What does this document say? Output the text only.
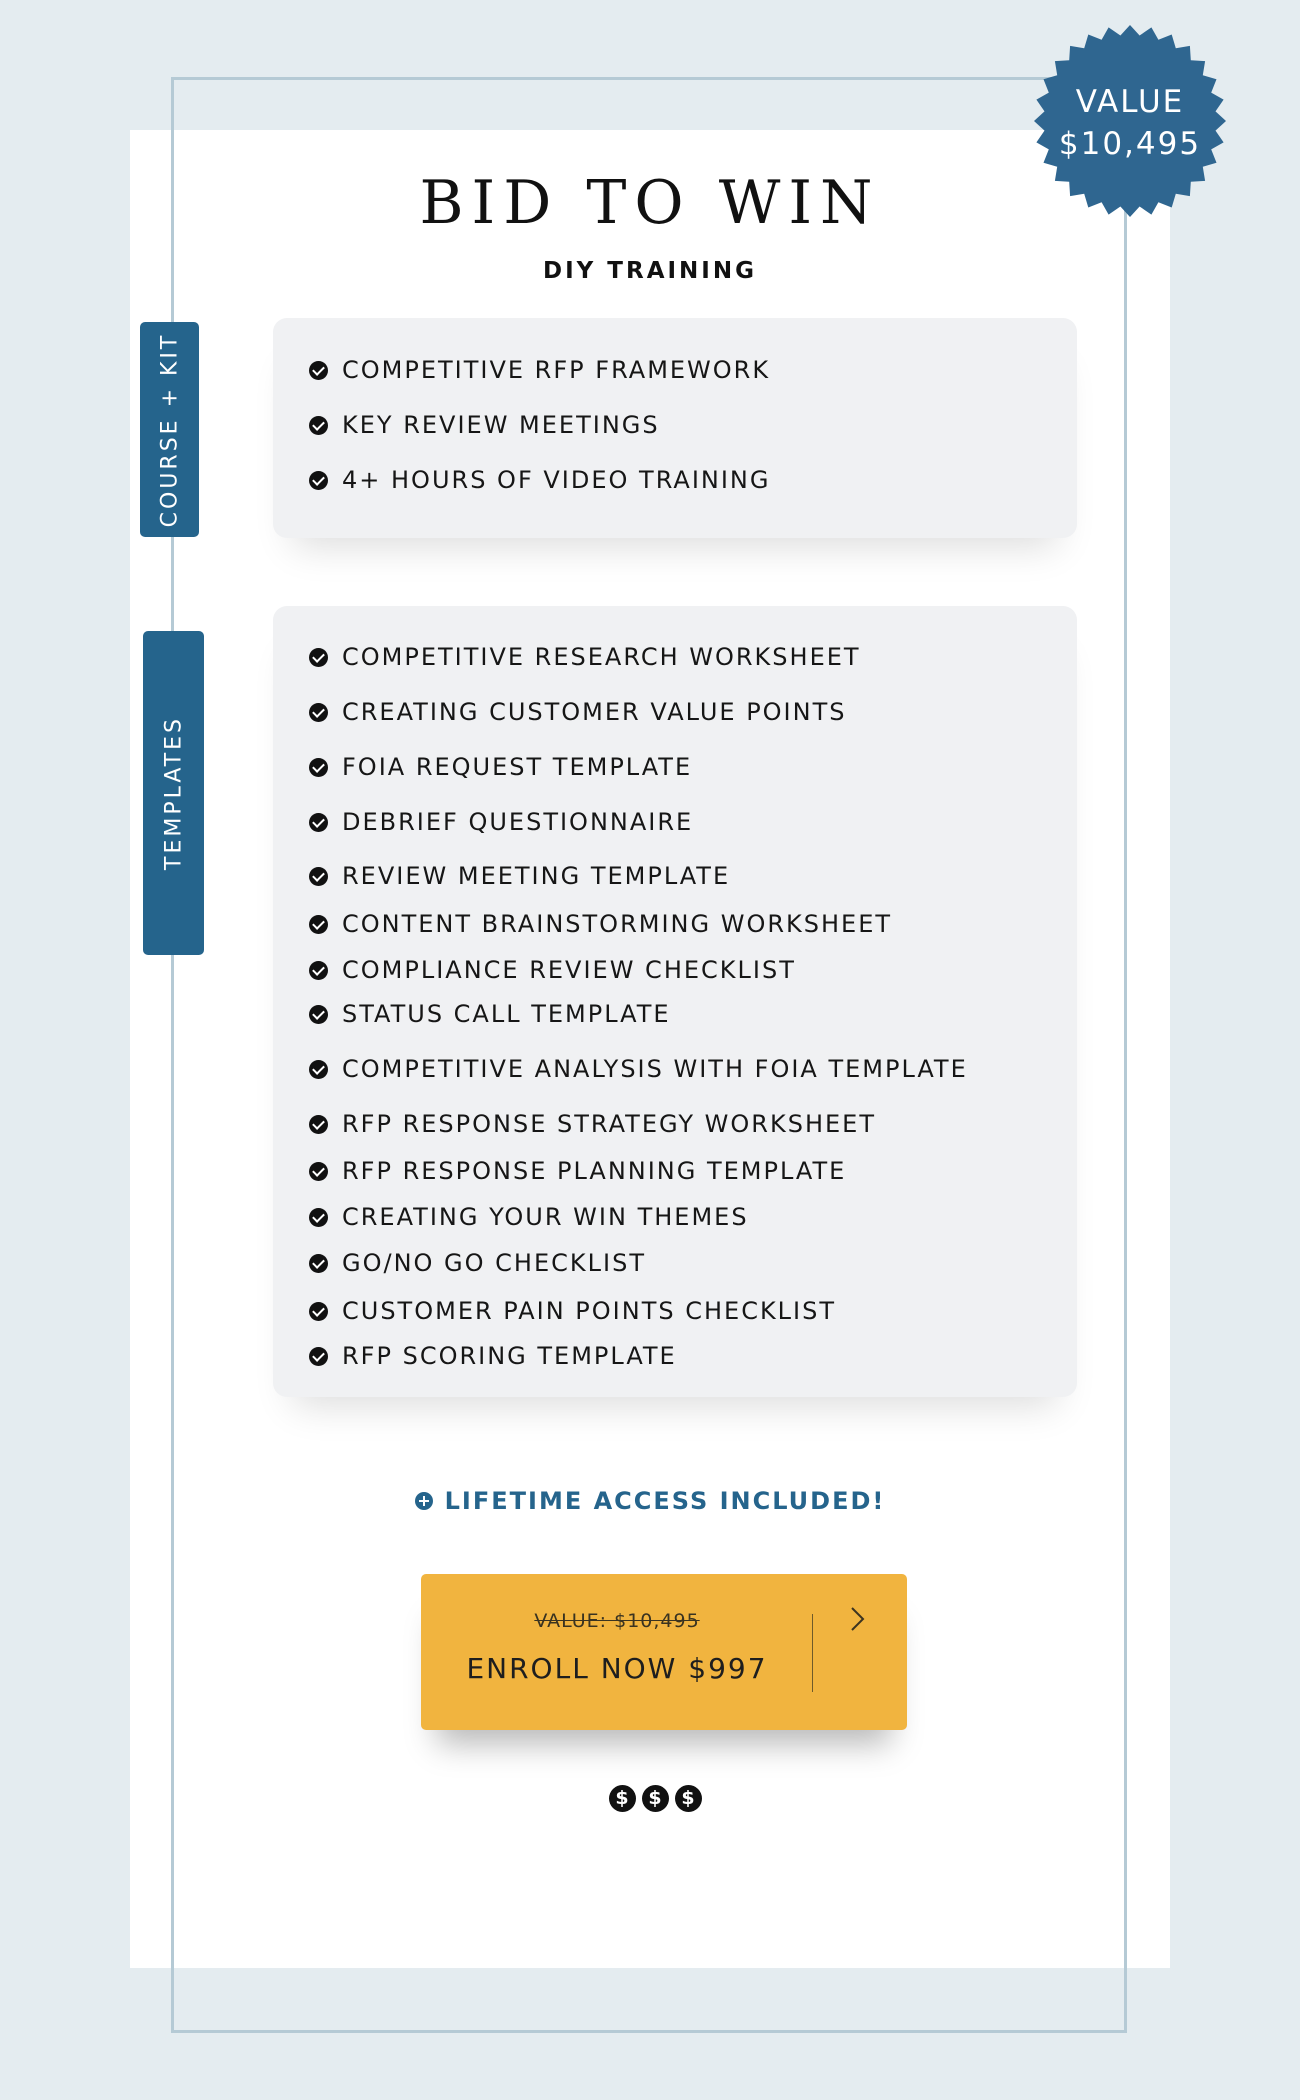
VALUE
$10,495
BID TO WIN
DIY TRAINING
COURSE + KIT
TEMPLATES
COMPETITIVE RFP FRAMEWORK
KEY REVIEW MEETINGS
4+ HOURS OF VIDEO TRAINING
COMPETITIVE RESEARCH WORKSHEET
CREATING CUSTOMER VALUE POINTS
FOIA REQUEST TEMPLATE
DEBRIEF QUESTIONNAIRE
REVIEW MEETING TEMPLATE
CONTENT BRAINSTORMING WORKSHEET
COMPLIANCE REVIEW CHECKLIST
STATUS CALL TEMPLATE
COMPETITIVE ANALYSIS WITH FOIA TEMPLATE
RFP RESPONSE STRATEGY WORKSHEET
RFP RESPONSE PLANNING TEMPLATE
CREATING YOUR WIN THEMES
GO/NO GO CHECKLIST
CUSTOMER PAIN POINTS CHECKLIST
RFP SCORING TEMPLATE
LIFETIME ACCESS INCLUDED!
VALUE: $10,495
ENROLL NOW $997
$	$	$
